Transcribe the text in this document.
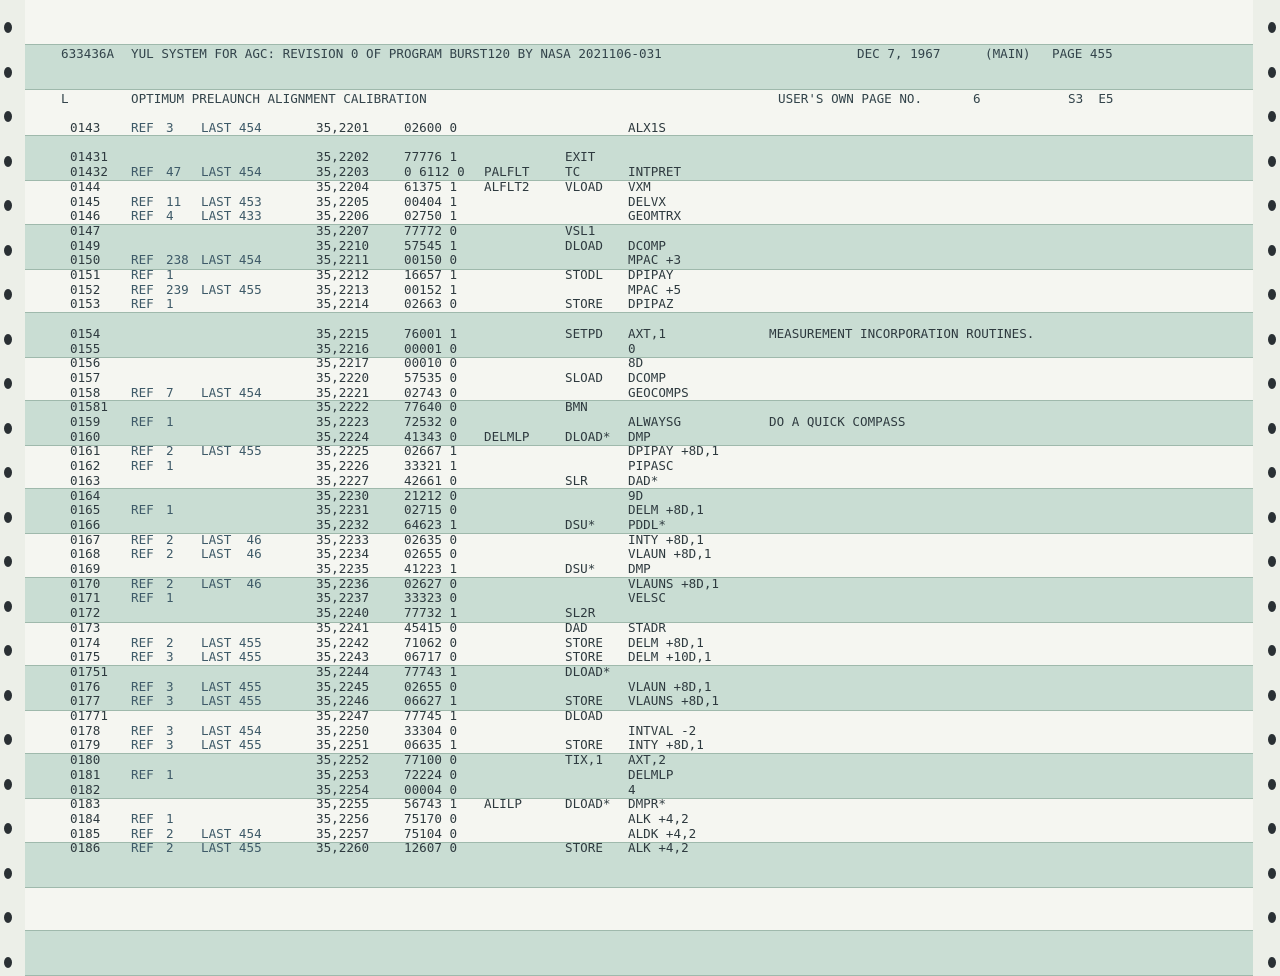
633436A

YUL SYSTEM FOR AGC: REVISION 0 OF PROGRAM BURST120 BY NASA 2021106-031

	DEC 7, 1967

	(MAIN)

PAGE 455

L

	OPTIMUM PRELAUNCH ALIGNMENT CALIBRATION

	USER'S OWN PAGE NO.

	6

	S3  E5

0143 REF 3 LAST 454	35,2201	02600 0	ALX1S
01431	35,2202	77776 1	EXIT
01432 REF 47 LAST 454	35,2203	0 6112 0 PALFLT	TC	INTPRET
0144	35,2204	61375 1 ALFLT2	VLOAD VXM
0145 REF 11 LAST 453	35,2205	00404 1	DELVX
0146 REF 4 LAST 433	35,2206	02750 1	GEOMTRX
0147	35,2207	77772 0	VSL1
0149	35,2210	57545 1	DLOAD DCOMP
0150 REF 238 LAST 454	35,2211	00150 0	MPAC +3
0151 REF 1	35,2212	16657 1	STODL DPIPAY
0152 REF 239 LAST 455	35,2213	00152 1	MPAC +5
0153 REF 1	35,2214	02663 0	STORE DPIPAZ
0154	35,2215	76001 1	SETPD AXT,1	MEASUREMENT INCORPORATION ROUTINES.
0155	35,2216	00001 0	0
0156	35,2217	00010 0	8D
0157	35,2220	57535 0	SLOAD DCOMP
0158 REF 7 LAST 454	35,2221	02743 0	GEOCOMPS
01581	35,2222	77640 0	BMN
0159 REF 1	35,2223	72532 0	ALWAYSG	DO A QUICK COMPASS
0160	35,2224	41343 0 DELMLP	DLOAD* DMP
0161 REF 2 LAST 455	35,2225	02667 1	DPIPAY +8D,1
0162 REF 1	35,2226	33321 1	PIPASC
0163	35,2227	42661 0	SLR	DAD*
0164	35,2230	21212 0	9D
0165 REF 1	35,2231	02715 0	DELM +8D,1
0166	35,2232	64623 1	DSU*	PDDL*
0167 REF 2 LAST  46	35,2233	02635 0	INTY +8D,1
0168 REF 2 LAST  46	35,2234	02655 0	VLAUN +8D,1
0169	35,2235	41223 1	DSU*	DMP
0170 REF 2 LAST  46	35,2236	02627 0	VLAUNS +8D,1
0171 REF 1	35,2237	33323 0	VELSC
0172	35,2240	77732 1	SL2R
0173	35,2241	45415 0	DAD	STADR
0174 REF 2 LAST 455	35,2242	71062 0	STORE DELM +8D,1
0175 REF 3 LAST 455	35,2243	06717 0	STORE DELM +10D,1
01751	35,2244	77743 1	DLOAD*
0176 REF 3 LAST 455	35,2245	02655 0	VLAUN +8D,1
0177 REF 3 LAST 455	35,2246	06627 1	STORE VLAUNS +8D,1
01771	35,2247	77745 1	DLOAD
0178 REF 3 LAST 454	35,2250	33304 0	INTVAL -2
0179 REF 3 LAST 455	35,2251	06635 1	STORE INTY +8D,1
0180	35,2252	77100 0	TIX,1 AXT,2
0181 REF 1	35,2253	72224 0	DELMLP
0182	35,2254	00004 0	4
0183	35,2255	56743 1 ALILP	DLOAD* DMPR*
0184 REF 1	35,2256	75170 0	ALK +4,2
0185 REF 2 LAST 454	35,2257	75104 0	ALDK +4,2
0186 REF 2 LAST 455	35,2260	12607 0	STORE ALK +4,2
